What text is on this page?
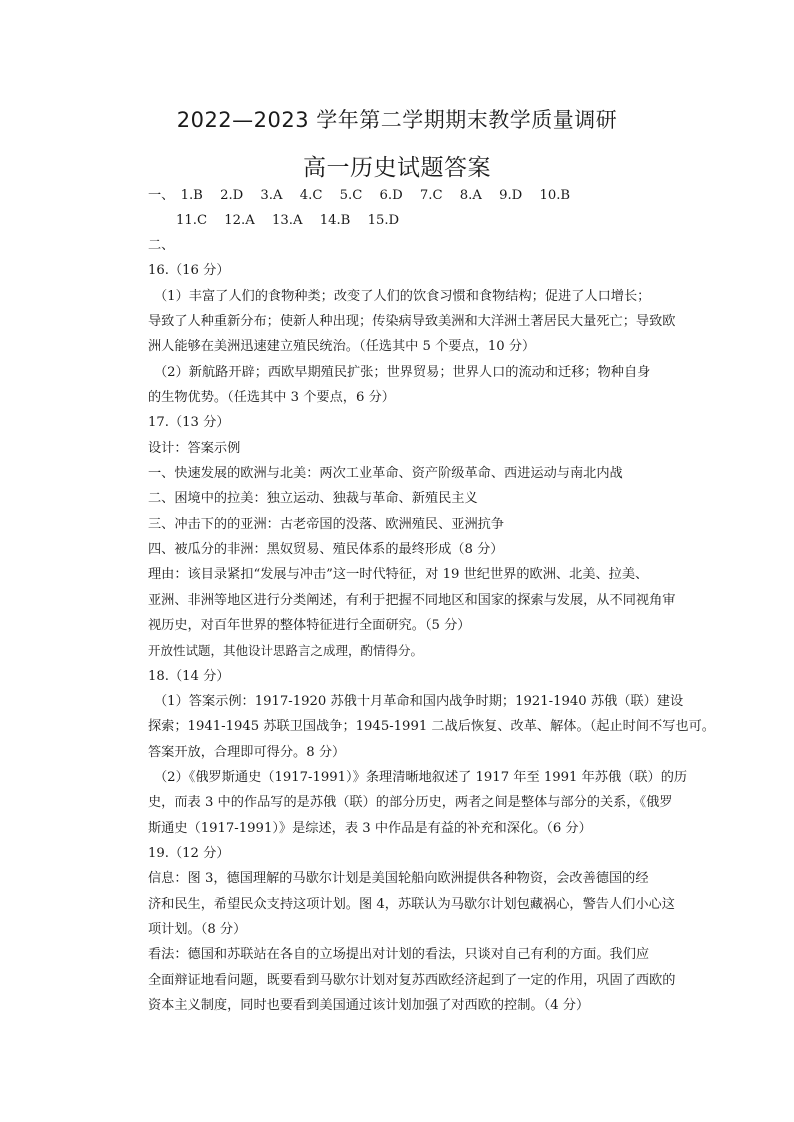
2022—2023 学年第二学期期末教学质量调研
高一历史试题答案
一、 1.B 2.D 3.A 4.C 5.C 6.D 7.C 8.A 9.D 10.B
11.C 12.A 13.A 14.B 15.D
二、
16.（16 分）
（1）丰富了人们的食物种类；改变了人们的饮食习惯和食物结构；促进了人口增长；
导致了人种重新分布；使新人种出现；传染病导致美洲和大洋洲土著居民大量死亡；导致欧
洲人能够在美洲迅速建立殖民统治。（任选其中 5 个要点，10 分）
（2）新航路开辟；西欧早期殖民扩张；世界贸易；世界人口的流动和迁移；物种自身
的生物优势。（任选其中 3 个要点，6 分）
17.（13 分）
设计：答案示例
一、快速发展的欧洲与北美：两次工业革命、资产阶级革命、西进运动与南北内战
二、困境中的拉美：独立运动、独裁与革命、新殖民主义
三、冲击下的的亚洲：古老帝国的没落、欧洲殖民、亚洲抗争
四、被瓜分的非洲：黑奴贸易、殖民体系的最终形成（8 分）
理由：该目录紧扣“发展与冲击”这一时代特征，对 19 世纪世界的欧洲、北美、拉美、
亚洲、非洲等地区进行分类阐述，有利于把握不同地区和国家的探索与发展，从不同视角审
视历史，对百年世界的整体特征进行全面研究。（5 分）
开放性试题，其他设计思路言之成理，酌情得分。
18.（14 分）
（1）答案示例：1917-1920 苏俄十月革命和国内战争时期；1921-1940 苏俄（联）建设
探索；1941-1945 苏联卫国战争；1945-1991 二战后恢复、改革、解体。（起止时间不写也可。
答案开放，合理即可得分。8 分）
（2）《俄罗斯通史（1917-1991）》条理清晰地叙述了 1917 年至 1991 年苏俄（联）的历
史，而表 3 中的作品写的是苏俄（联）的部分历史，两者之间是整体与部分的关系，《俄罗
斯通史（1917-1991）》是综述，表 3 中作品是有益的补充和深化。（6 分）
19.（12 分）
信息：图 3，德国理解的马歇尔计划是美国轮船向欧洲提供各种物资，会改善德国的经
济和民生，希望民众支持这项计划。图 4，苏联认为马歇尔计划包藏祸心，警告人们小心这
项计划。（8 分）
看法：德国和苏联站在各自的立场提出对计划的看法，只谈对自己有利的方面。我们应
全面辩证地看问题，既要看到马歇尔计划对复苏西欧经济起到了一定的作用，巩固了西欧的
资本主义制度，同时也要看到美国通过该计划加强了对西欧的控制。（4 分）
